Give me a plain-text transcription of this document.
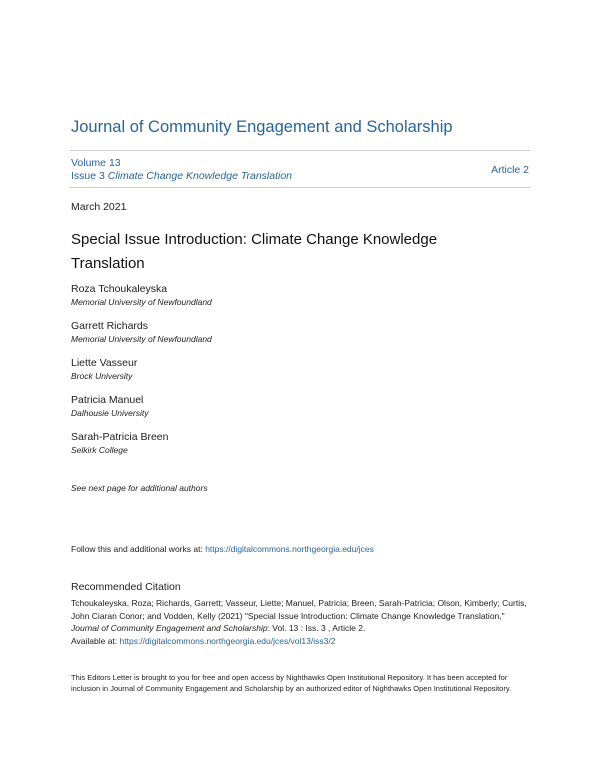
Journal of Community Engagement and Scholarship
Volume 13
Issue 3 Climate Change Knowledge Translation	Article 2
March 2021
Special Issue Introduction: Climate Change Knowledge Translation
Roza Tchoukaleyska
Memorial University of Newfoundland
Garrett Richards
Memorial University of Newfoundland
Liette Vasseur
Brock University
Patricia Manuel
Dalhousie University
Sarah-Patricia Breen
Selkirk College
See next page for additional authors
Follow this and additional works at: https://digitalcommons.northgeorgia.edu/jces
Recommended Citation
Tchoukaleyska, Roza; Richards, Garrett; Vasseur, Liette; Manuel, Patricia; Breen, Sarah-Patricia; Olson, Kimberly; Curtis, John Ciaran Conor; and Vodden, Kelly (2021) "Special Issue Introduction: Climate Change Knowledge Translation," Journal of Community Engagement and Scholarship: Vol. 13 : Iss. 3 , Article 2.
Available at: https://digitalcommons.northgeorgia.edu/jces/vol13/iss3/2
This Editors Letter is brought to you for free and open access by Nighthawks Open Institutional Repository. It has been accepted for inclusion in Journal of Community Engagement and Scholarship by an authorized editor of Nighthawks Open Institutional Repository.
